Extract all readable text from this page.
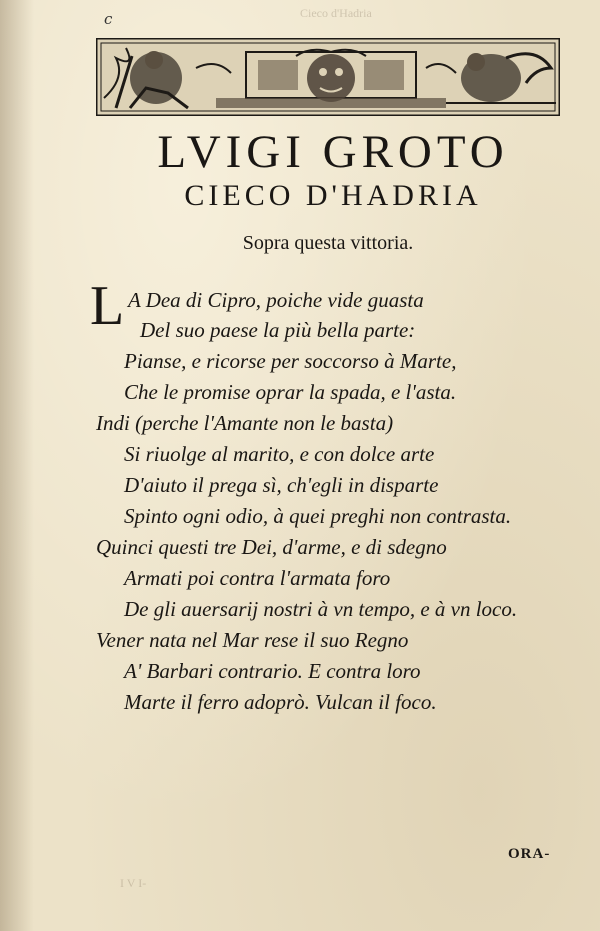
Cieco d'Hadria
I V I-
c
LVIGI GROTO
CIECO D'HADRIA
Sopra questa vittoria.
L A Dea di Cipro, poiche vide guasta
Del suo paese la più bella parte:
Pianse, e ricorse per soccorso à Marte,
Che le promise oprar la spada, e l'asta.
Indi (perche l'Amante non le basta)
Si riuolge al marito, e con dolce arte
D'aiuto il prega sì, ch'egli in disparte
Spinto ogni odio, à quei preghi non contrasta.
Quinci questi tre Dei, d'arme, e di sdegno
Armati poi contra l'armata foro
De gli auersarij nostri à vn tempo, e à vn loco.
Vener nata nel Mar rese il suo Regno
A' Barbari contrario. E contra loro
Marte il ferro adoprò. Vulcan il foco.
ORA-
